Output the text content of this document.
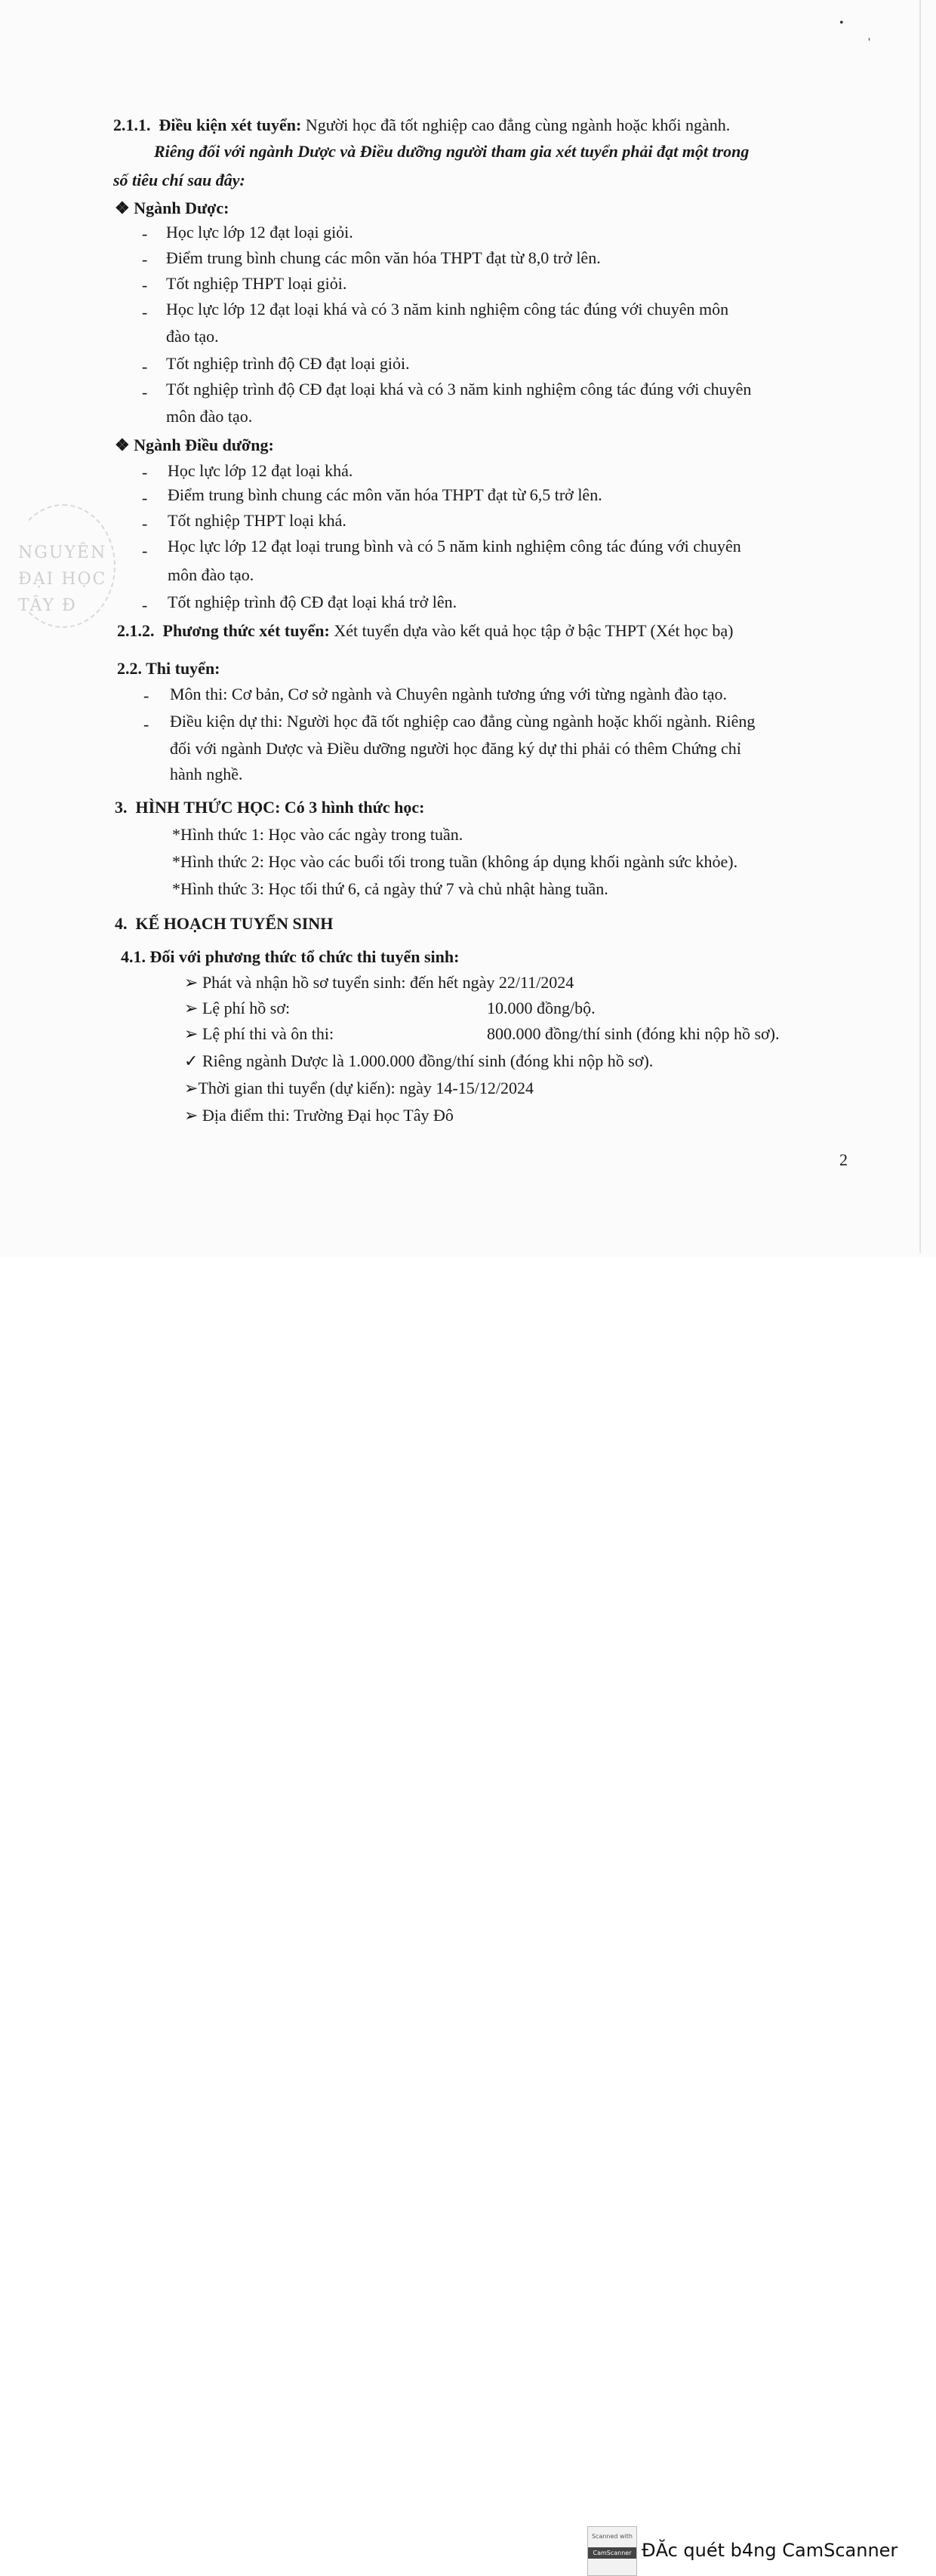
•
'
NGUYÊN
ĐẠI HỌC
TÂY Đ
2.1.1. Điều kiện xét tuyển: Người học đã tốt nghiệp cao đẳng cùng ngành hoặc khối ngành.
Riêng đối với ngành Dược và Điều dưỡng người tham gia xét tuyển phải đạt một trong
số tiêu chí sau đây:
❖ Ngành Dược:
- Học lực lớp 12 đạt loại giỏi.
- Điểm trung bình chung các môn văn hóa THPT đạt từ 8,0 trở lên.
- Tốt nghiệp THPT loại giỏi.
- Học lực lớp 12 đạt loại khá và có 3 năm kinh nghiệm công tác đúng với chuyên môn
đào tạo.
- Tốt nghiệp trình độ CĐ đạt loại giỏi.
- Tốt nghiệp trình độ CĐ đạt loại khá và có 3 năm kinh nghiệm công tác đúng với chuyên
môn đào tạo.
❖ Ngành Điều dưỡng:
- Học lực lớp 12 đạt loại khá.
- Điểm trung bình chung các môn văn hóa THPT đạt từ 6,5 trở lên.
- Tốt nghiệp THPT loại khá.
- Học lực lớp 12 đạt loại trung bình và có 5 năm kinh nghiệm công tác đúng với chuyên
môn đào tạo.
- Tốt nghiệp trình độ CĐ đạt loại khá trở lên.
2.1.2. Phương thức xét tuyển: Xét tuyển dựa vào kết quả học tập ở bậc THPT (Xét học bạ)
2.2. Thi tuyển:
- Môn thi: Cơ bản, Cơ sở ngành và Chuyên ngành tương ứng với từng ngành đào tạo.
- Điều kiện dự thi: Người học đã tốt nghiệp cao đẳng cùng ngành hoặc khối ngành. Riêng
đối với ngành Dược và Điều dưỡng người học đăng ký dự thi phải có thêm Chứng chỉ
hành nghề.
3. HÌNH THỨC HỌC: Có 3 hình thức học:
*Hình thức 1: Học vào các ngày trong tuần.
*Hình thức 2: Học vào các buổi tối trong tuần (không áp dụng khối ngành sức khỏe).
*Hình thức 3: Học tối thứ 6, cả ngày thứ 7 và chủ nhật hàng tuần.
4. KẾ HOẠCH TUYỂN SINH
4.1. Đối với phương thức tổ chức thi tuyển sinh:
➢ Phát và nhận hồ sơ tuyển sinh: đến hết ngày 22/11/2024
➢ Lệ phí hồ sơ:	10.000 đồng/bộ.
➢ Lệ phí thi và ôn thi:	800.000 đồng/thí sinh (đóng khi nộp hồ sơ).
✓ Riêng ngành Dược là 1.000.000 đồng/thí sinh (đóng khi nộp hồ sơ).
➢Thời gian thi tuyển (dự kiến): ngày 14-15/12/2024
➢ Địa điểm thi: Trường Đại học Tây Đô
2
Scanned with
CamScanner ĐĂc quét b4ng CamScanner
